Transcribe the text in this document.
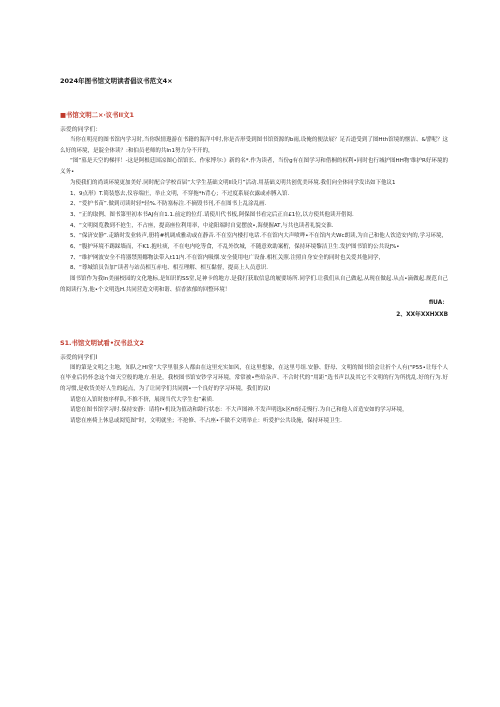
2024年图书馆文明读者倡议书范文4×
■书馆文明二×·议书Il文1
亲爱的同学们：

当你在明亮的图书馆内学习时,当你纵情遨游在书籍的海洋中时,你是否形受到图书馆资源的b雨,设俺的便法展？足否道受到了图Hth馆境的惬洁、&譬呢？这么好的环境，是靛全体读？:和伯员老师的共In1努力分不开的，

“图“墓是天空的梯拝！-这是阿根廷国凉图心馆馆长、作家博尔:》新的名*.作为读者，当份g有在图学习和借桐的权利•同时也行城护图HH物'维护R好环境的义务•

为使我们的尚谈环境更加美好.同时配合学校首届“大学生基础文明ll设月”活动.用基础义明共创优美环境.我们向全体同学发出如下他议1

1、9点形》T.简装悠去,仪容端庄，举止文明，不穿拖*h背心；不过度系展衣露或赤膊入馆.

2、“爱护书苗”.做到司读时轻*轻%.不防塞标注.不摘毁书刊,不在图书上乱涂乱画.

3、“正的取例、图书第里初本书AJ有自1.1.前定的位灯.请使川代书板,阿保图书看完后正自£1位,以方使其他读开借阅.

4、“文明阅览教到不抢生，不占座，提高座位利用率，中途阳端时自觉摆放•,海便握AT,与共也读者礼貌交淮.

5、“保济安静”.走路时发业转声,册将#机调成雅动或在静音.不在室内楼打电话.不在馆内大声喷哗•不在馆内夫Wc朗读,为自己和他人饮造安内的,学习环境，

6、“腹护环境不踢踩墙而，不K1.抱吐痰，不在电内吃等食，不乱外饮城，不随意欢助案桁，保持环境黎洁卫生.发护图书馆的公共设J%•

7、“维护网波安全不将器禁黑娜物法带入t11内.不在馆内吸烟.安全使用电广设备.相杠关照.注照自身安全的同时也关爱其他同学，

8、“尊城馆员告加”读者与站员相互赤电、相互理解、相互黏督，提高上人员意识.

图书馆作为我In美丽校园的文化地标,是知识的SS堂,足神卡的地方.是我打获取信息的履要场所.同学们.让我们从自己做起,从现在做起.从点•滴做起.规范自己的阅读行为,他•个文明选H.共同营造文明和谐、招香浓郁的回整环境！

fiUA：
2、XX年XXHXXB
S1.书馆文明试看•汉书总文2
亲爱的同学们I

图的第是文明之主地，知队之HI堂”大学里很多人都由在这里充实如风，在这里想象，在这里号组.安静、舒母、文明的图书馆会让折个人有("P55•让每个人在毕业后仍怀念这个如天空般的地方.但是，我校图书馆安钞学习环境，常常被•些给杂声、不合时代的“用距”选书声以及其它不文明的行为所扰乱.好的行为.好的习惯,是收货美好人生的起点，为了让同学们共同拥•一个良好的学习环境，我们的议I

请您在入馆时按序样队,不推不挤，展现当代大学生也”素质.

请您在图书馆学习时.保持安静：请将f•机设为值动和龄行状态：不大声图神.不发声明选k区fil轻走慢行.为自己和他人首造安如的学习环境，

请您在座椅上休息或阅览图“时，文明就坐；不抢修、不占座•不做不文明举止：听爱护公共设施，保持环境卫生.
